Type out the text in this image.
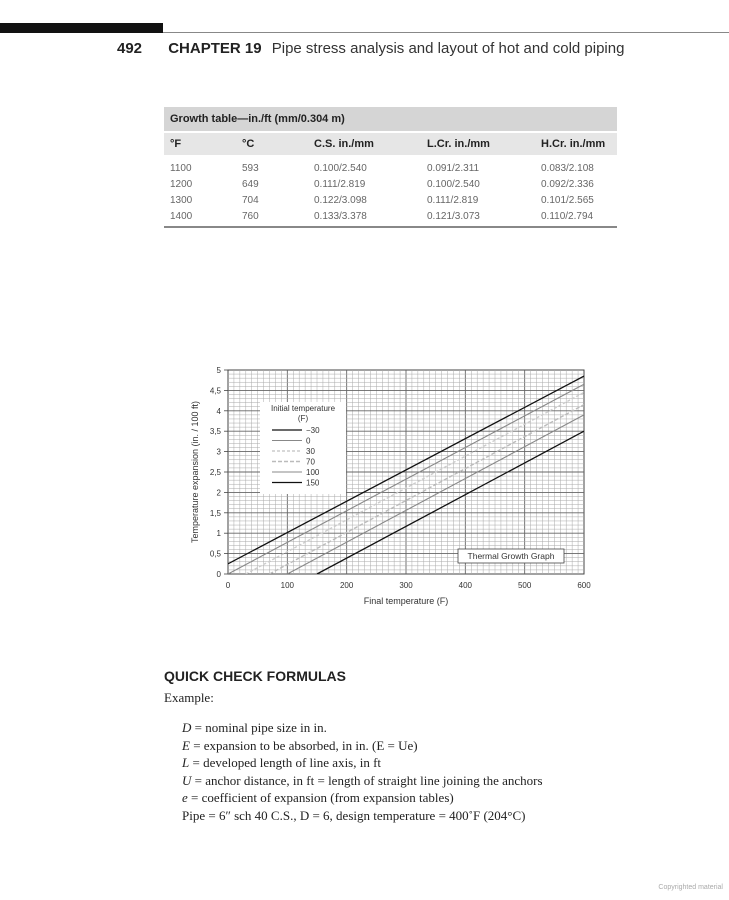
492 CHAPTER 19 Pipe stress analysis and layout of hot and cold piping
Growth table—in./ft (mm/0.304 m)				
°F	°C	C.S. in./mm	L.Cr. in./mm	H.Cr. in./mm
1100	593	0.100/2.540	0.091/2.311	0.083/2.108
1200	649	0.111/2.819	0.100/2.540	0.092/2.336
1300	704	0.122/3.098	0.111/2.819	0.101/2.565
1400	760	0.133/3.378	0.121/3.073	0.110/2.794
0	100	200	300	400	500	600
0
0,5
1
1,5
2
2,5
3
3,5
4
4,5
5
Final temperature (F)
Temperature expansion (in. / 100 ft)	Initial temperature
(F)
−30
0
30
70
100
150
Thermal Growth Graph
QUICK CHECK FORMULAS
Example:
D = nominal pipe size in in.
E = expansion to be absorbed, in in. (E = Ue)
L = developed length of line axis, in ft
U = anchor distance, in ft = length of straight line joining the anchors
e = coefficient of expansion (from expansion tables)
Pipe = 6″ sch 40 C.S., D = 6, design temperature = 400˚F (204°C)
Copyrighted material
